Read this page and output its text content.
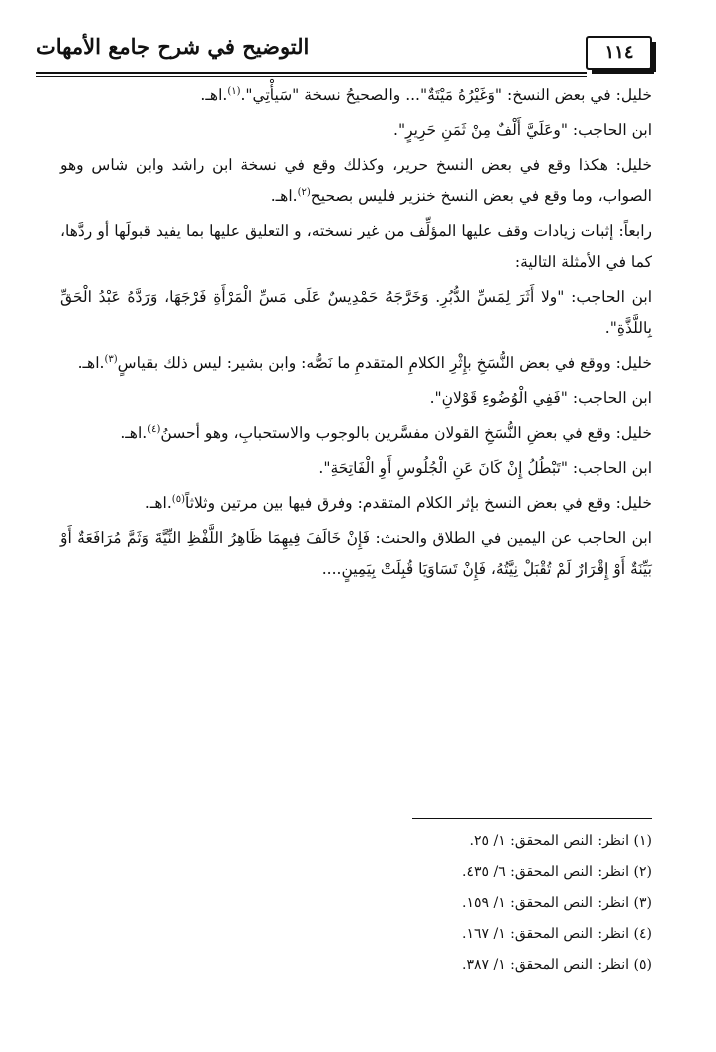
التوضيح في شرح جامع الأمهات	١١٤

خليل: في بعض النسخ: "وَغَيْرُهُ مَيْتَةٌ"... والصحيحُ نسخة "سَيأْتِي".$^{(١)}$.اهـ.

ابن الحاجب: "وعَلَيَّ أَلْفٌ مِنْ ثَمَنِ حَرِيرٍ".

خليل: هكذا وقع في بعض النسخ حرير، وكذلك وقع في نسخة ابن راشد وابن شاس وهو الصواب، وما وقع في بعض النسخ خنزير فليس بصحيح$^{(٢)}$.اهـ.

رابعاً: إثبات زيادات وقف عليها المؤلِّف من غير نسخته، و التعليق عليها بما يفيد قبولَها أو ردَّها، كما في الأمثلة التالية:

ابن الحاجب: "ولا أَثَرَ لِمَسِّ الدُّبُرِ. وَخَرَّجَهُ حَمْدِيسٌ عَلَى مَسِّ الْمَرْأَةِ فَرْجَهَا، وَرَدَّهُ عَبْدُ الْحَقِّ بِاللَّذَّةِ".

خليل: ووقع في بعض النُّسَخِ بإِثْرِ الكلامِ المتقدمِ ما نَصُّه: وابن بشير: ليس ذلك بقياسٍ$^{(٣)}$.اهـ.

ابن الحاجب: "فَفِي الْوُضُوءِ قَوْلانِ".

خليل: وقع في بعضِ النُّسَخِ القولان مفسَّرين بالوجوب والاستحبابِ، وهو أحسنُ$^{(٤)}$.اهـ.

ابن الحاجب: "تَبْطُلُ إِنْ كَانَ عَنِ الْجُلُوسِ أَوِ الْفَاتِحَةِ".

خليل: وقع في بعض النسخ بإثر الكلام المتقدم: وفرق فيها بين مرتين وثلاثاً$^{(٥)}$.اهـ.

ابن الحاجب عن اليمين في الطلاق والحنث: فَإِنْ خَالَفَ فِيهِمَا ظَاهِرُ اللَّفْظِ النِّيَّةَ وَثَمَّ مُرَافَعَةٌ أَوْ بَيِّنَةٌ أَوْ إِقْرَارٌ لَمْ تُقْبَلْ نِيَّتُهُ، فَإِنْ تَسَاوَيَا قُبِلَتْ بِيَمِينٍ....

(١) انظر: النص المحقق: ١/ ٢٥.
(٢) انظر: النص المحقق: ٦/ ٤٣٥.
(٣) انظر: النص المحقق: ١/ ١٥٩.
(٤) انظر: النص المحقق: ١/ ١٦٧.
(٥) انظر: النص المحقق: ١/ ٣٨٧.
